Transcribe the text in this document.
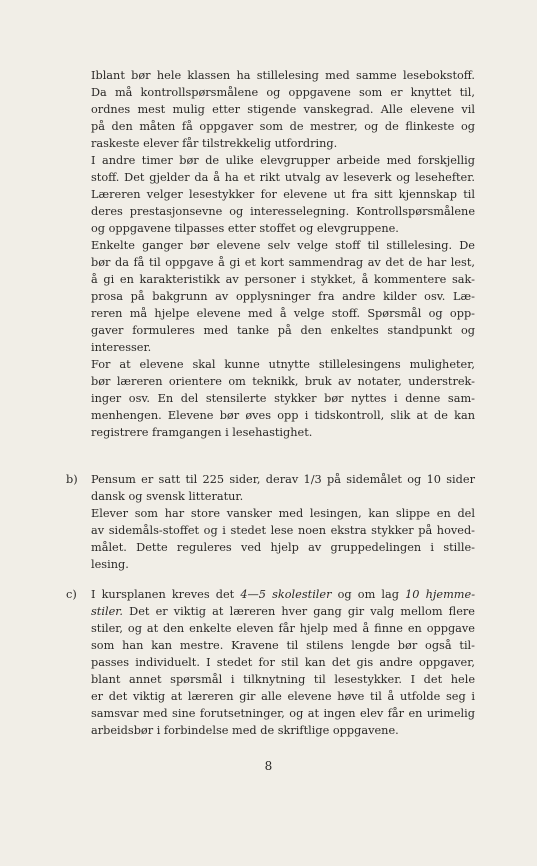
Iblant bør hele klassen ha stillelesing med samme lesebokstoff.
Da må kontrollspørsmålene og oppgavene som er knyttet til,
ordnes mest mulig etter stigende vanskegrad. Alle elevene vil
på den måten få oppgaver som de mestrer, og de flinkeste og
raskeste elever får tilstrekkelig utfordring.
I andre timer bør de ulike elevgrupper arbeide med forskjellig
stoff. Det gjelder da å ha et rikt utvalg av leseverk og lesehefter.
Læreren velger lesestykker for elevene ut fra sitt kjennskap til
deres prestasjonsevne og interesselegning. Kontrollspørsmålene
og oppgavene tilpasses etter stoffet og elevgruppene.
Enkelte ganger bør elevene selv velge stoff til stillelesing. De
bør da få til oppgave å gi et kort sammendrag av det de har lest,
å gi en karakteristikk av personer i stykket, å kommentere sak-
prosa på bakgrunn av opplysninger fra andre kilder osv. Læ-
reren må hjelpe elevene med å velge stoff. Spørsmål og opp-
gaver formuleres med tanke på den enkeltes standpunkt og
interesser.
For at elevene skal kunne utnytte stillelesingens muligheter,
bør læreren orientere om teknikk, bruk av notater, understrek-
inger osv. En del stensilerte stykker bør nyttes i denne sam-
menhengen. Elevene bør øves opp i tidskontroll, slik at de kan
registrere framgangen i lesehastighet.
b) Pensum er satt til 225 sider, derav 1/3 på sidemålet og 10 sider
dansk og svensk litteratur.
Elever som har store vansker med lesingen, kan slippe en del
av sidemåls-stoffet og i stedet lese noen ekstra stykker på hoved-
målet. Dette reguleres ved hjelp av gruppedelingen i stille-
lesing.
c) I kursplanen kreves det 4—5 skolestiler og om lag 10 hjemme-
stiler. Det er viktig at læreren hver gang gir valg mellom flere
stiler, og at den enkelte eleven får hjelp med å finne en oppgave
som han kan mestre. Kravene til stilens lengde bør også til-
passes individuelt. I stedet for stil kan det gis andre oppgaver,
blant annet spørsmål i tilknytning til lesestykker. I det hele
er det viktig at læreren gir alle elevene høve til å utfolde seg i
samsvar med sine forutsetninger, og at ingen elev får en urimelig
arbeidsbør i forbindelse med de skriftlige oppgavene.
8
